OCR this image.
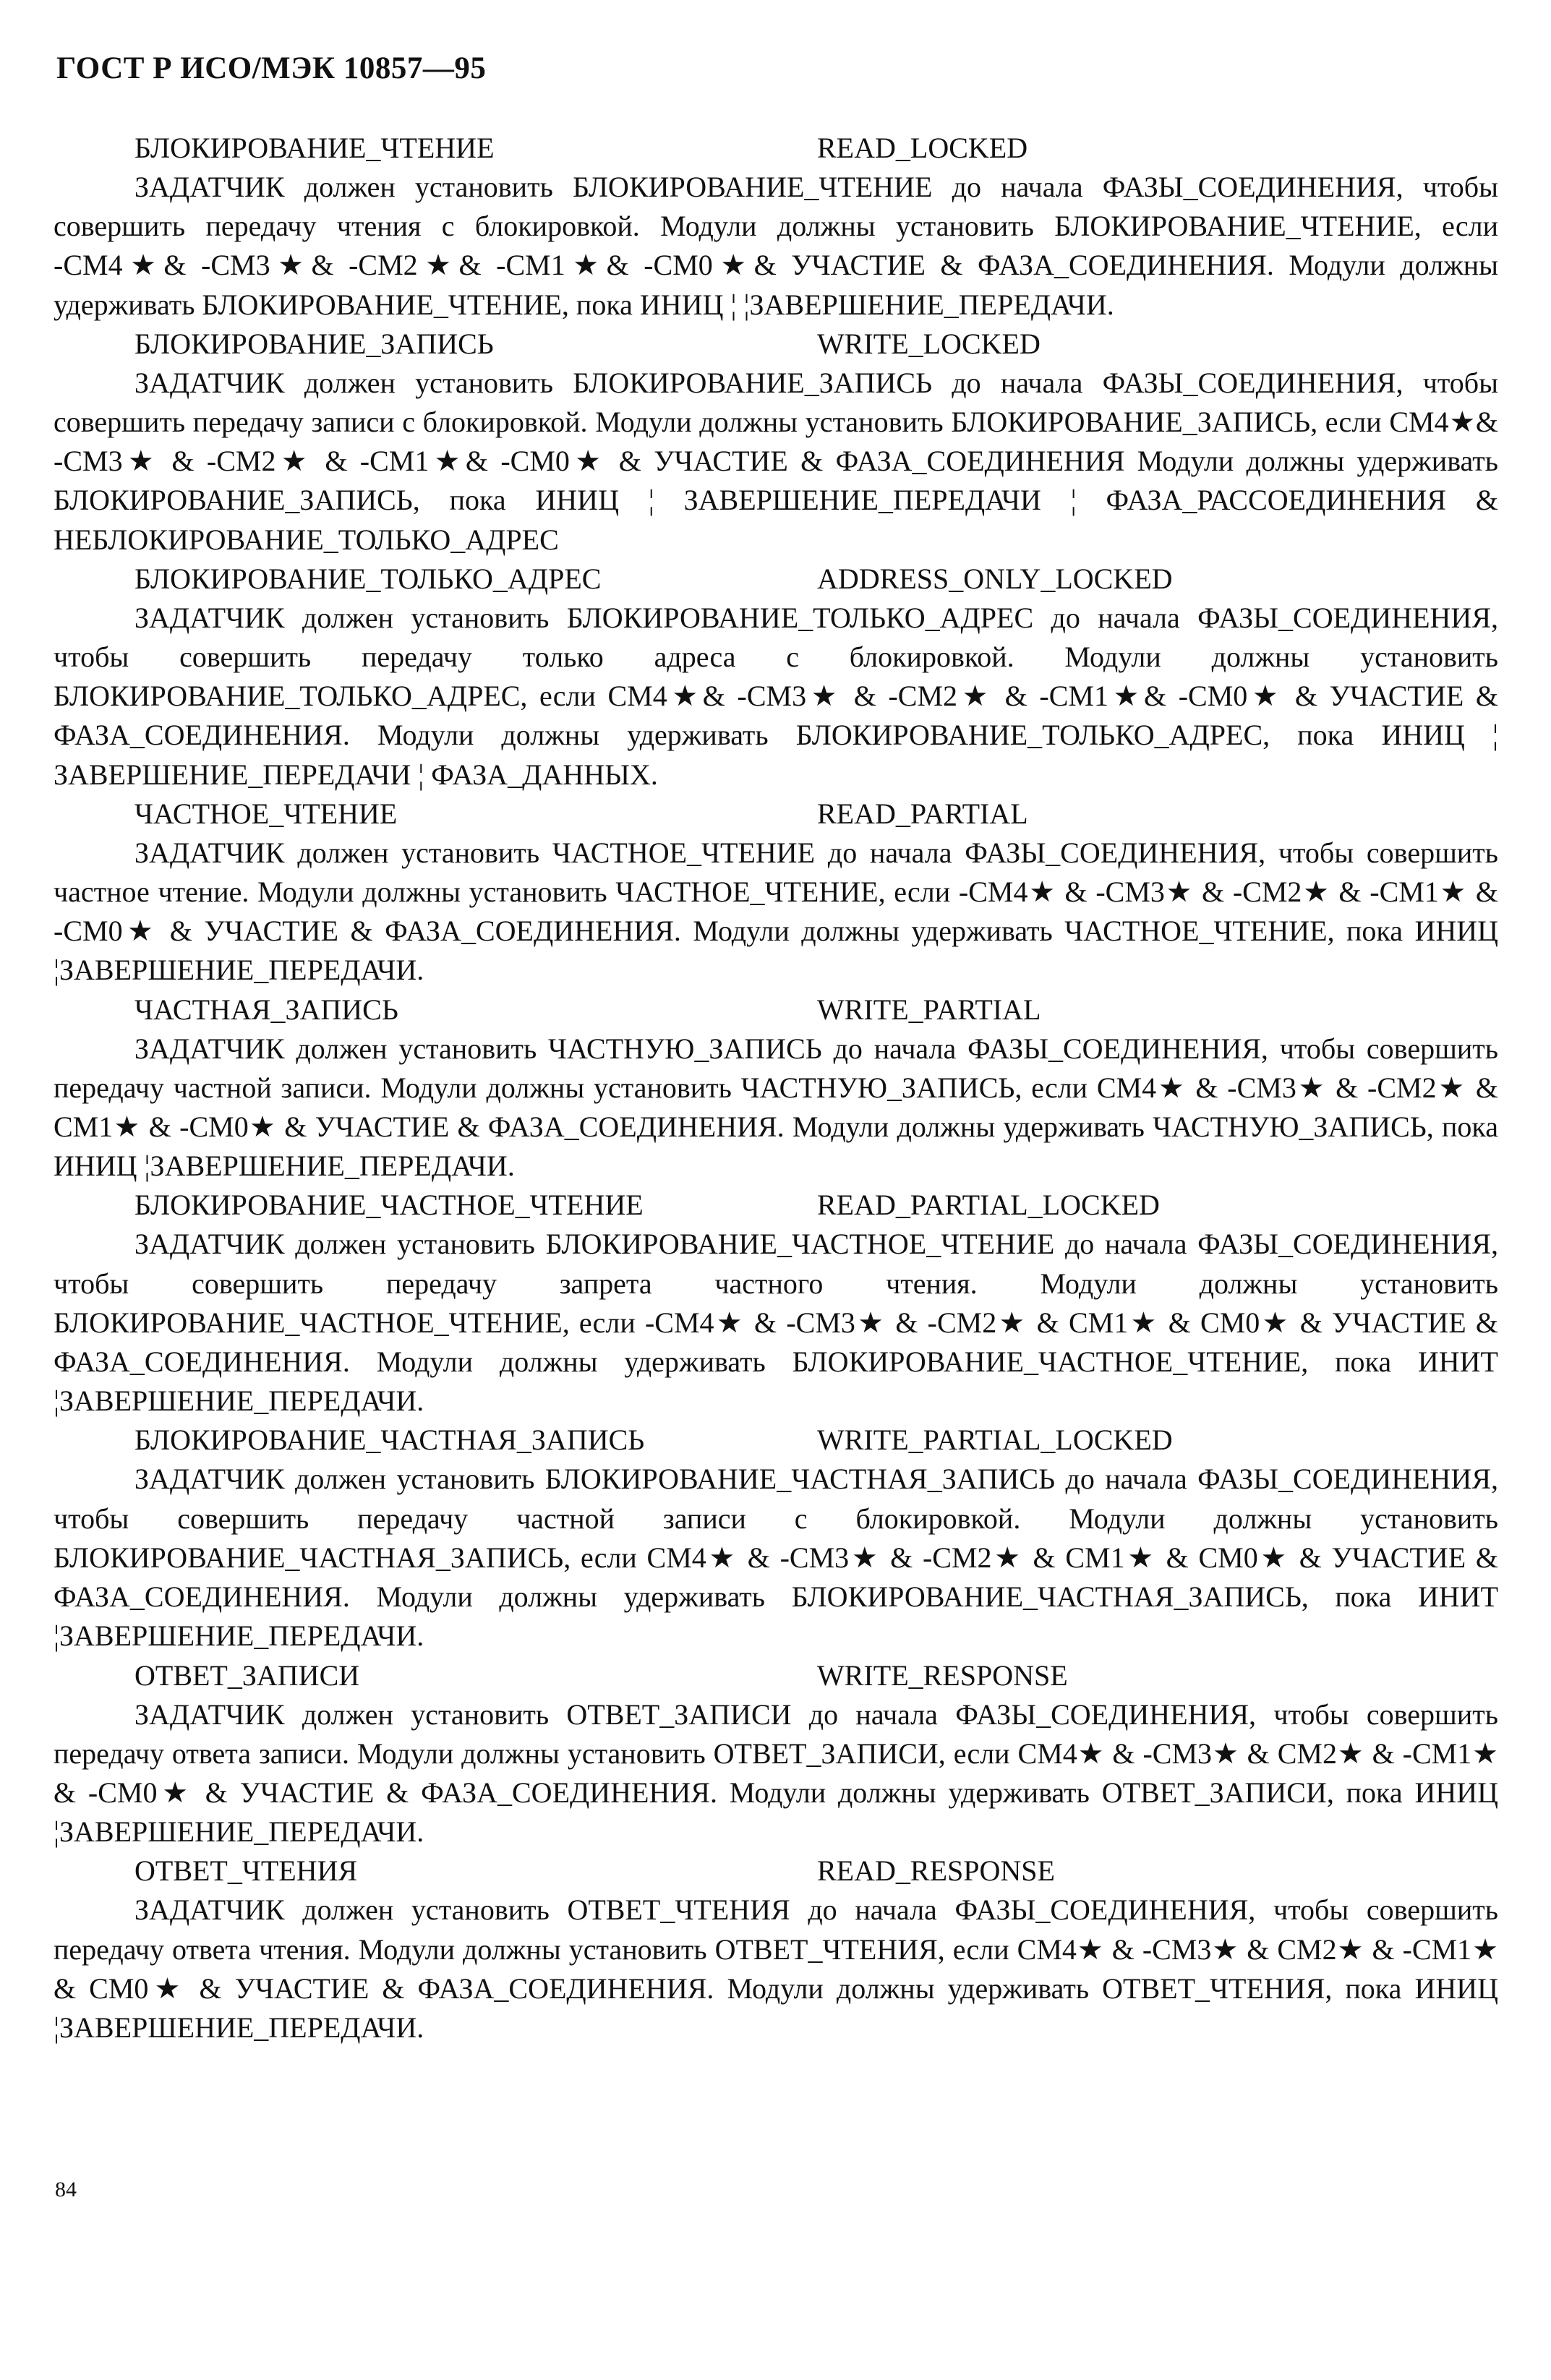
ГОСТ Р ИСО/МЭК 10857—95
БЛОКИРОВАНИЕ_ЧТЕНИЕ	READ_LOCKED

ЗАДАТЧИК должен установить БЛОКИРОВАНИЕ_ЧТЕНИЕ до начала ФАЗЫ_СОЕДИНЕНИЯ, чтобы совершить передачу чтения с блокировкой. Модули должны установить БЛОКИРОВАНИЕ_ЧТЕНИЕ, если -СМ4★& -СМ3★& -СМ2★& -СМ1★& -СМ0★& УЧАСТИЕ & ФАЗА_СОЕДИНЕНИЯ. Модули должны удерживать БЛОКИРОВАНИЕ_ЧТЕНИЕ, пока ИНИЦ ¦ ¦ЗАВЕРШЕНИЕ_ПЕРЕДАЧИ.

БЛОКИРОВАНИЕ_ЗАПИСЬ	WRITE_LOCKED

ЗАДАТЧИК должен установить БЛОКИРОВАНИЕ_ЗАПИСЬ до начала ФАЗЫ_СОЕДИНЕНИЯ, чтобы совершить передачу записи с блокировкой. Модули должны установить БЛОКИРОВАНИЕ_ЗАПИСЬ, если СМ4★& -СМ3★ & -СМ2★ & -СМ1★& -СМ0★ & УЧАСТИЕ & ФАЗА_СОЕДИНЕНИЯ Модули должны удерживать БЛОКИРОВАНИЕ_ЗАПИСЬ, пока ИНИЦ ¦ ЗАВЕРШЕНИЕ_ПЕРЕДАЧИ ¦ ФАЗА_РАССОЕДИНЕНИЯ & НЕБЛОКИРОВАНИЕ_ТОЛЬКО_АДРЕС

БЛОКИРОВАНИЕ_ТОЛЬКО_АДРЕС	ADDRESS_ONLY_LOCKED

ЗАДАТЧИК должен установить БЛОКИРОВАНИЕ_ТОЛЬКО_АДРЕС до начала ФАЗЫ_СОЕДИНЕНИЯ, чтобы совершить передачу только адреса с блокировкой. Модули должны установить БЛОКИРОВАНИЕ_ТОЛЬКО_АДРЕС, если СМ4★& -СМ3★ & -СМ2★ & -СМ1★& -СМ0★ & УЧАСТИЕ & ФАЗА_СОЕДИНЕНИЯ. Модули должны удерживать БЛОКИРОВАНИЕ_ТОЛЬКО_АДРЕС, пока ИНИЦ ¦ ЗАВЕРШЕНИЕ_ПЕРЕДАЧИ ¦ ФАЗА_ДАННЫХ.

ЧАСТНОЕ_ЧТЕНИЕ	READ_PARTIAL

ЗАДАТЧИК должен установить ЧАСТНОЕ_ЧТЕНИЕ до начала ФАЗЫ_СОЕДИНЕНИЯ, чтобы совершить частное чтение. Модули должны установить ЧАСТНОЕ_ЧТЕНИЕ, если -СМ4★ & -СМ3★ & -СМ2★ & -СМ1★ & -СМ0★ & УЧАСТИЕ & ФАЗА_СОЕДИНЕНИЯ. Модули должны удерживать ЧАСТНОЕ_ЧТЕНИЕ, пока ИНИЦ ¦ЗАВЕРШЕНИЕ_ПЕРЕДАЧИ.

ЧАСТНАЯ_ЗАПИСЬ	WRITE_PARTIAL

ЗАДАТЧИК должен установить ЧАСТНУЮ_ЗАПИСЬ до начала ФАЗЫ_СОЕДИНЕНИЯ, чтобы совершить передачу частной записи. Модули должны установить ЧАСТНУЮ_ЗАПИСЬ, если СМ4★ & -СМ3★ & -СМ2★ & СМ1★ & -СМ0★ & УЧАСТИЕ & ФАЗА_СОЕДИНЕНИЯ. Модули должны удерживать ЧАСТНУЮ_ЗАПИСЬ, пока ИНИЦ ¦ЗАВЕРШЕНИЕ_ПЕРЕДАЧИ.

БЛОКИРОВАНИЕ_ЧАСТНОЕ_ЧТЕНИЕ	READ_PARTIAL_LOCKED

ЗАДАТЧИК должен установить БЛОКИРОВАНИЕ_ЧАСТНОЕ_ЧТЕНИЕ до начала ФАЗЫ_СОЕДИНЕНИЯ, чтобы совершить передачу запрета частного чтения. Модули должны установить БЛОКИРОВАНИЕ_ЧАСТНОЕ_ЧТЕНИЕ, если -СМ4★ & -СМ3★ & -СМ2★ & СМ1★ & СМ0★ & УЧАСТИЕ & ФАЗА_СОЕДИНЕНИЯ. Модули должны удерживать БЛОКИРОВАНИЕ_ЧАСТНОЕ_ЧТЕНИЕ, пока ИНИТ ¦ЗАВЕРШЕНИЕ_ПЕРЕДАЧИ.

БЛОКИРОВАНИЕ_ЧАСТНАЯ_ЗАПИСЬ	WRITE_PARTIAL_LOCKED

ЗАДАТЧИК должен установить БЛОКИРОВАНИЕ_ЧАСТНАЯ_ЗАПИСЬ до начала ФАЗЫ_СОЕДИНЕНИЯ, чтобы совершить передачу частной записи с блокировкой. Модули должны установить БЛОКИРОВАНИЕ_ЧАСТНАЯ_ЗАПИСЬ, если СМ4★ & -СМ3★ & -СМ2★ & СМ1★ & СМ0★ & УЧАСТИЕ & ФАЗА_СОЕДИНЕНИЯ. Модули должны удерживать БЛОКИРОВАНИЕ_ЧАСТНАЯ_ЗАПИСЬ, пока ИНИТ ¦ЗАВЕРШЕНИЕ_ПЕРЕДАЧИ.

ОТВЕТ_ЗАПИСИ	WRITE_RESPONSE

ЗАДАТЧИК должен установить ОТВЕТ_ЗАПИСИ до начала ФАЗЫ_СОЕДИНЕНИЯ, чтобы совершить передачу ответа записи. Модули должны установить ОТВЕТ_ЗАПИСИ, если СМ4★ & -СМ3★ & СМ2★ & -СМ1★ & -СМ0★ & УЧАСТИЕ & ФАЗА_СОЕДИНЕНИЯ. Модули должны удерживать ОТВЕТ_ЗАПИСИ, пока ИНИЦ ¦ЗАВЕРШЕНИЕ_ПЕРЕДАЧИ.

ОТВЕТ_ЧТЕНИЯ	READ_RESPONSE

ЗАДАТЧИК должен установить ОТВЕТ_ЧТЕНИЯ до начала ФАЗЫ_СОЕДИНЕНИЯ, чтобы совершить передачу ответа чтения. Модули должны установить ОТВЕТ_ЧТЕНИЯ, если СМ4★ & -СМ3★ & СМ2★ & -СМ1★ & СМ0★ & УЧАСТИЕ & ФАЗА_СОЕДИНЕНИЯ. Модули должны удерживать ОТВЕТ_ЧТЕНИЯ, пока ИНИЦ ¦ЗАВЕРШЕНИЕ_ПЕРЕДАЧИ.

84
